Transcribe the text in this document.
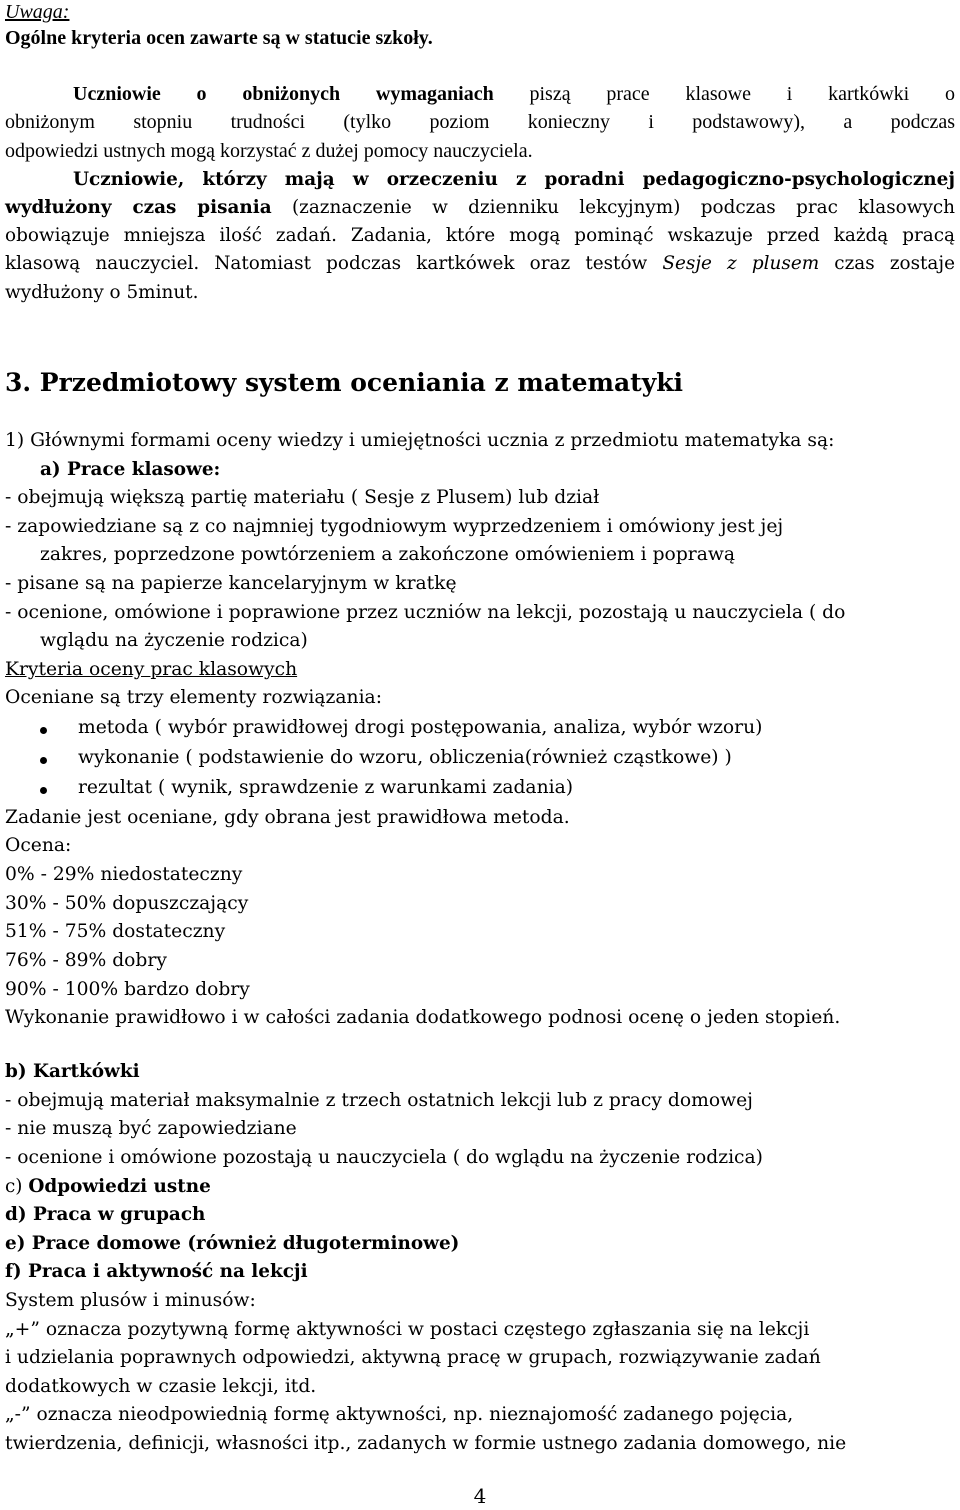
Uwaga:

Ogólne kryteria ocen zawarte są w statucie szkoły.

Uczniowie o obniżonych wymaganiach piszą prace klasowe i kartkówki o

obniżonym stopniu trudności (tylko poziom konieczny i podstawowy), a podczas

odpowiedzi ustnych mogą korzystać z dużej pomocy nauczyciela.

Uczniowie, którzy mają w orzeczeniu z poradni pedagogiczno-psychologicznej

wydłużony czas pisania (zaznaczenie w dzienniku lekcyjnym) podczas prac klasowych

obowiązuje mniejsza ilość zadań. Zadania, które mogą pominąć wskazuje przed każdą pracą

klasową nauczyciel. Natomiast podczas kartkówek oraz testów Sesje z plusem czas zostaje

wydłużony o 5minut.

3. Przedmiotowy system oceniania z matematyki

1) Głównymi formami oceny wiedzy i umiejętności ucznia z przedmiotu matematyka są:

a) Prace klasowe:

- obejmują większą partię materiału ( Sesje z Plusem) lub dział

- zapowiedziane są z co najmniej tygodniowym wyprzedzeniem i omówiony jest jej

zakres, poprzedzone powtórzeniem a zakończone omówieniem i poprawą

- pisane są na papierze kancelaryjnym w kratkę

- ocenione, omówione i poprawione przez uczniów na lekcji, pozostają u nauczyciela ( do

wglądu na życzenie rodzica)

Kryteria oceny prac klasowych

Oceniane są trzy elementy rozwiązania:

metoda ( wybór prawidłowej drogi postępowania, analiza, wybór wzoru)

wykonanie ( podstawienie do wzoru, obliczenia(również cząstkowe) )

rezultat ( wynik, sprawdzenie z warunkami zadania)

Zadanie jest oceniane, gdy obrana jest prawidłowa metoda.

Ocena:

0% - 29% niedostateczny

30% - 50% dopuszczający

51% - 75% dostateczny

76% - 89% dobry

90% - 100% bardzo dobry

Wykonanie prawidłowo i w całości zadania dodatkowego podnosi ocenę o jeden stopień.

b) Kartkówki

- obejmują materiał maksymalnie z trzech ostatnich lekcji lub z pracy domowej

- nie muszą być zapowiedziane

- ocenione i omówione pozostają u nauczyciela ( do wglądu na życzenie rodzica)

c) Odpowiedzi ustne

d) Praca w grupach

e) Prace domowe (również długoterminowe)

f) Praca i aktywność na lekcji

System plusów i minusów:

„+” oznacza pozytywną formę aktywności w postaci częstego zgłaszania się na lekcji

i udzielania poprawnych odpowiedzi, aktywną pracę w grupach, rozwiązywanie zadań

dodatkowych w czasie lekcji, itd.

„-” oznacza nieodpowiednią formę aktywności, np. nieznajomość zadanego pojęcia,

twierdzenia, definicji, własności itp., zadanych w formie ustnego zadania domowego, nie

4
